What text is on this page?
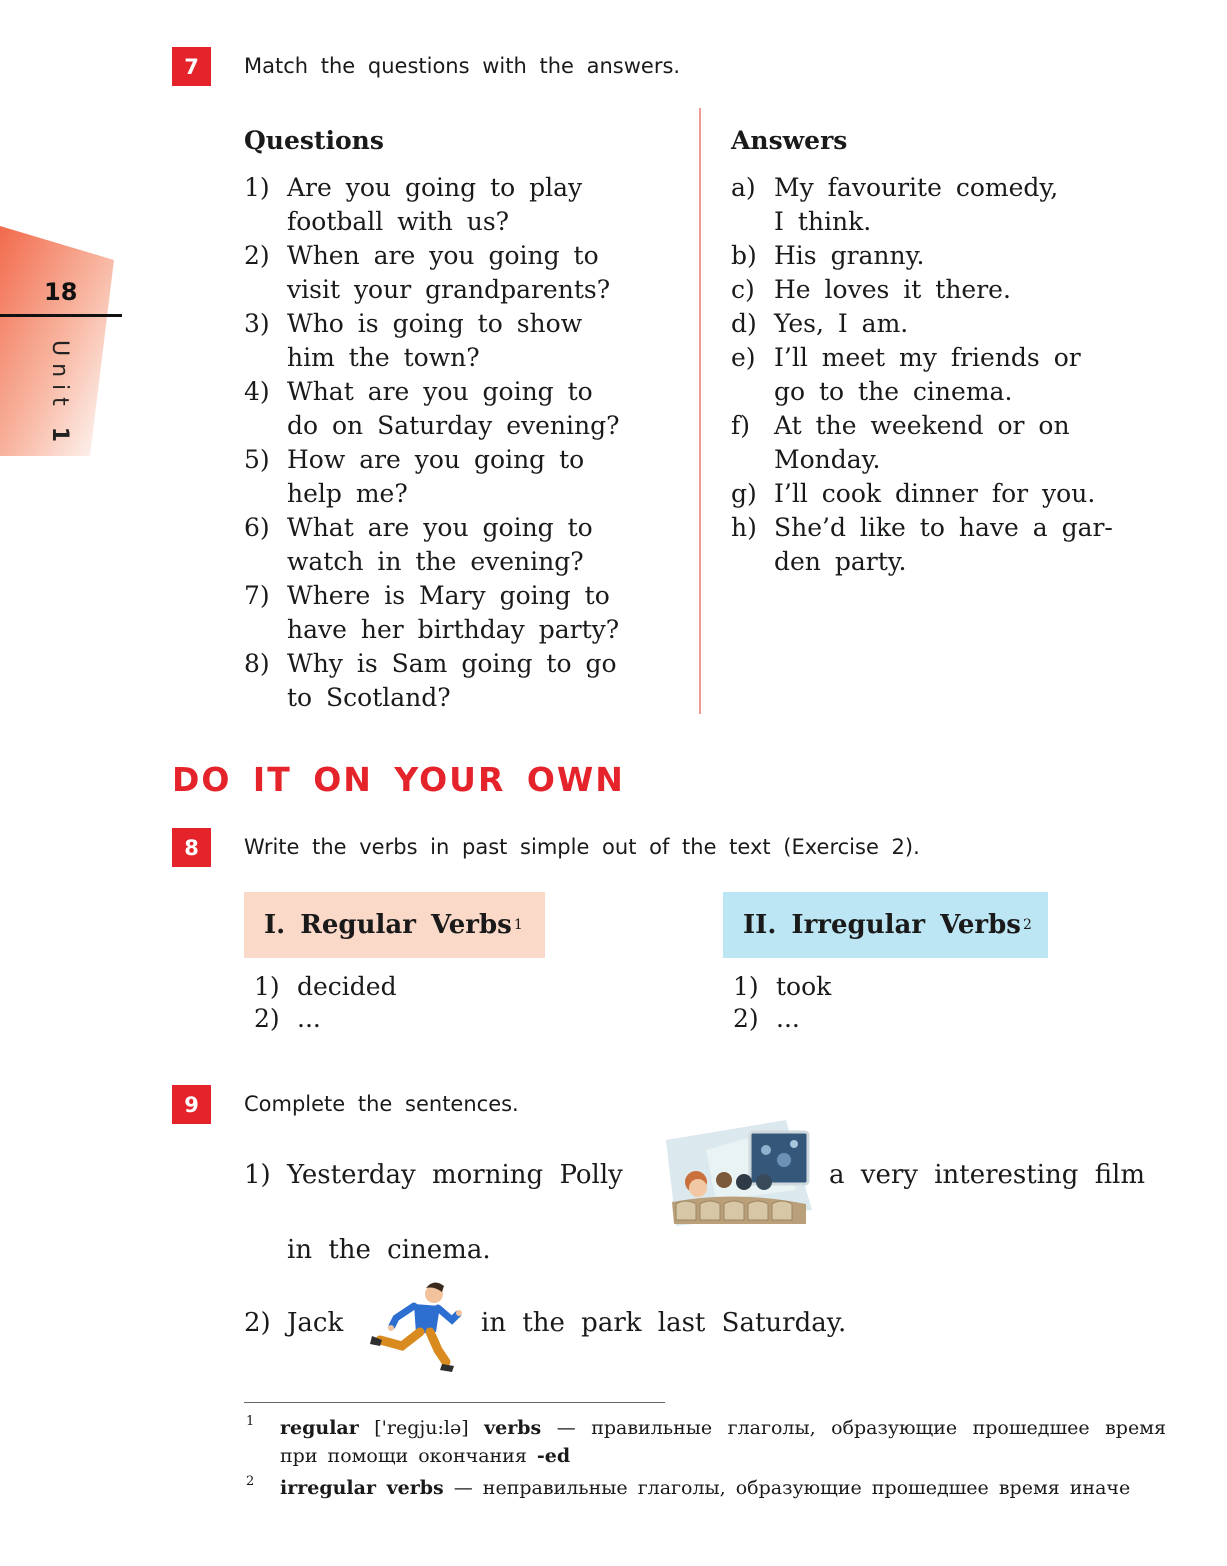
18
Unit 1
7	Match the questions with the answers.
Questions	Answers
1) Are you going to play
football with us?
2) When are you going to
visit your grandparents?
3) Who is going to show
him the town?
4) What are you going to
do on Saturday evening?
5) How are you going to
help me?
6) What are you going to
watch in the evening?
7) Where is Mary going to
have her birthday party?
8) Why is Sam going to go
to Scotland?
a) My favourite comedy,
I think.
b) His granny.
c) He loves it there.
d) Yes, I am.
e) I’ll meet my friends or
go to the cinema.
f) At the weekend or on
Monday.
g) I’ll cook dinner for you.
h) She’d like to have a gar-
den party.
DO IT ON YOUR OWN
8	Write the verbs in past simple out of the text (Exercise 2).
I. Regular Verbs 1	II. Irregular Verbs 2
1) decided
2) ...
1) took
2) ...
9	Complete the sentences.
1) Yesterday morning Polly	a very interesting film
in the cinema.
2) Jack	in the park last Saturday.
1 regular ['regju:lə] verbs — правильные глаголы, образующие прошедшее время при помощи окончания -ed
2 irregular verbs — неправильные глаголы, образующие прошедшее время иначе
